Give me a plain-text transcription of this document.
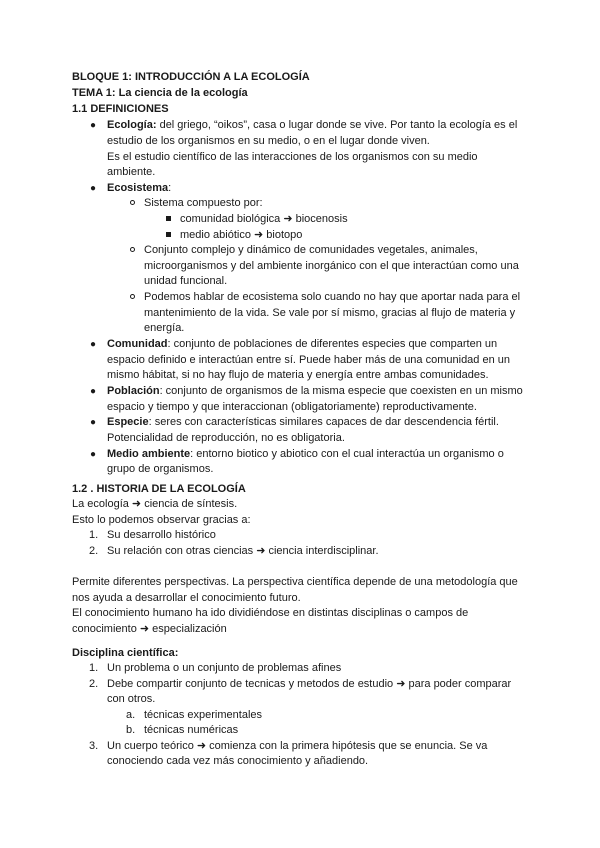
BLOQUE 1: INTRODUCCIÓN A LA ECOLOGÍA
TEMA 1: La ciencia de la ecología
1.1 DEFINICIONES
● Ecología: del griego, “oikos”, casa o lugar donde se vive. Por tanto la ecología es el
estudio de los organismos en su medio, o en el lugar donde viven.
Es el estudio científico de las interacciones de los organismos con su medio
ambiente.
● Ecosistema:
Sistema compuesto por:
comunidad biológica ➜ biocenosis
medio abiótico ➜ biotopo
Conjunto complejo y dinámico de comunidades vegetales, animales,
microorganismos y del ambiente inorgánico con el que interactúan como una
unidad funcional.
Podemos hablar de ecosistema solo cuando no hay que aportar nada para el
mantenimiento de la vida. Se vale por sí mismo, gracias al flujo de materia y
energía.
● Comunidad: conjunto de poblaciones de diferentes especies que comparten un
espacio definido e interactúan entre sí. Puede haber más de una comunidad en un
mismo hábitat, si no hay flujo de materia y energía entre ambas comunidades.
● Población: conjunto de organismos de la misma especie que coexisten en un mismo
espacio y tiempo y que interaccionan (obligatoriamente) reproductivamente.
● Especie: seres con características similares capaces de dar descendencia fértil.
Potencialidad de reproducción, no es obligatoria.
● Medio ambiente: entorno biotico y abiotico con el cual interactúa un organismo o
grupo de organismos.
1.2 . HISTORIA DE LA ECOLOGÍA
La ecología ➜ ciencia de síntesis.
Esto lo podemos observar gracias a:
1. Su desarrollo histórico
2. Su relación con otras ciencias ➜ ciencia interdisciplinar.
Permite diferentes perspectivas. La perspectiva científica depende de una metodología que
nos ayuda a desarrollar el conocimiento futuro.
El conocimiento humano ha ido dividiéndose en distintas disciplinas o campos de
conocimiento ➜ especialización
Disciplina científica:
1. Un problema o un conjunto de problemas afines
2. Debe compartir conjunto de tecnicas y metodos de estudio ➜ para poder comparar
con otros.
a. técnicas experimentales
b. técnicas numéricas
3. Un cuerpo teórico ➜ comienza con la primera hipótesis que se enuncia. Se va
conociendo cada vez más conocimiento y añadiendo.
